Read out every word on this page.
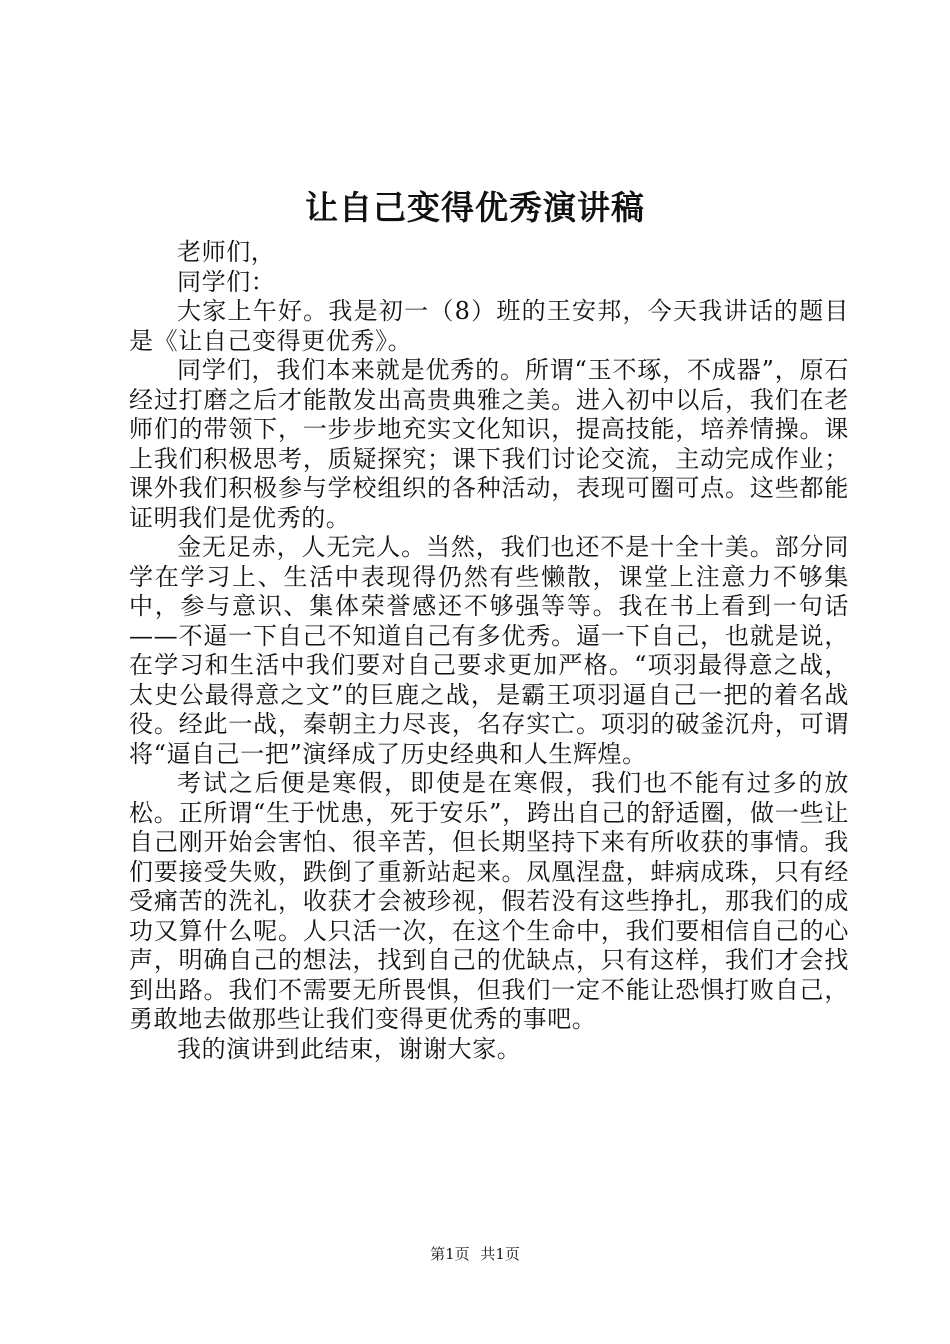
让自己变得优秀演讲稿

老师们，

同学们：

大家上午好。我是初一（8）班的王安邦，今天我讲话的题目是《让自己变得更优秀》。

同学们，我们本来就是优秀的。所谓“玉不琢，不成器”，原石经过打磨之后才能散发出高贵典雅之美。进入初中以后，我们在老师们的带领下，一步步地充实文化知识，提高技能，培养情操。课上我们积极思考，质疑探究；课下我们讨论交流，主动完成作业；课外我们积极参与学校组织的各种活动，表现可圈可点。这些都能证明我们是优秀的。

金无足赤，人无完人。当然，我们也还不是十全十美。部分同学在学习上、生活中表现得仍然有些懒散，课堂上注意力不够集中，参与意识、集体荣誉感还不够强等等。我在书上看到一句话——不逼一下自己不知道自己有多优秀。逼一下自己，也就是说，在学习和生活中我们要对自己要求更加严格。“项羽最得意之战，太史公最得意之文”的巨鹿之战，是霸王项羽逼自己一把的着名战役。经此一战，秦朝主力尽丧，名存实亡。项羽的破釜沉舟，可谓将“逼自己一把”演绎成了历史经典和人生辉煌。

考试之后便是寒假，即使是在寒假，我们也不能有过多的放松。正所谓“生于忧患，死于安乐”，跨出自己的舒适圈，做一些让自己刚开始会害怕、很辛苦，但长期坚持下来有所收获的事情。我们要接受失败，跌倒了重新站起来。凤凰涅盘，蚌病成珠，只有经受痛苦的洗礼，收获才会被珍视，假若没有这些挣扎，那我们的成功又算什么呢。人只活一次，在这个生命中，我们要相信自己的心声，明确自己的想法，找到自己的优缺点，只有这样，我们才会找到出路。我们不需要无所畏惧，但我们一定不能让恐惧打败自己，勇敢地去做那些让我们变得更优秀的事吧。

我的演讲到此结束，谢谢大家。

第1页 共1页
